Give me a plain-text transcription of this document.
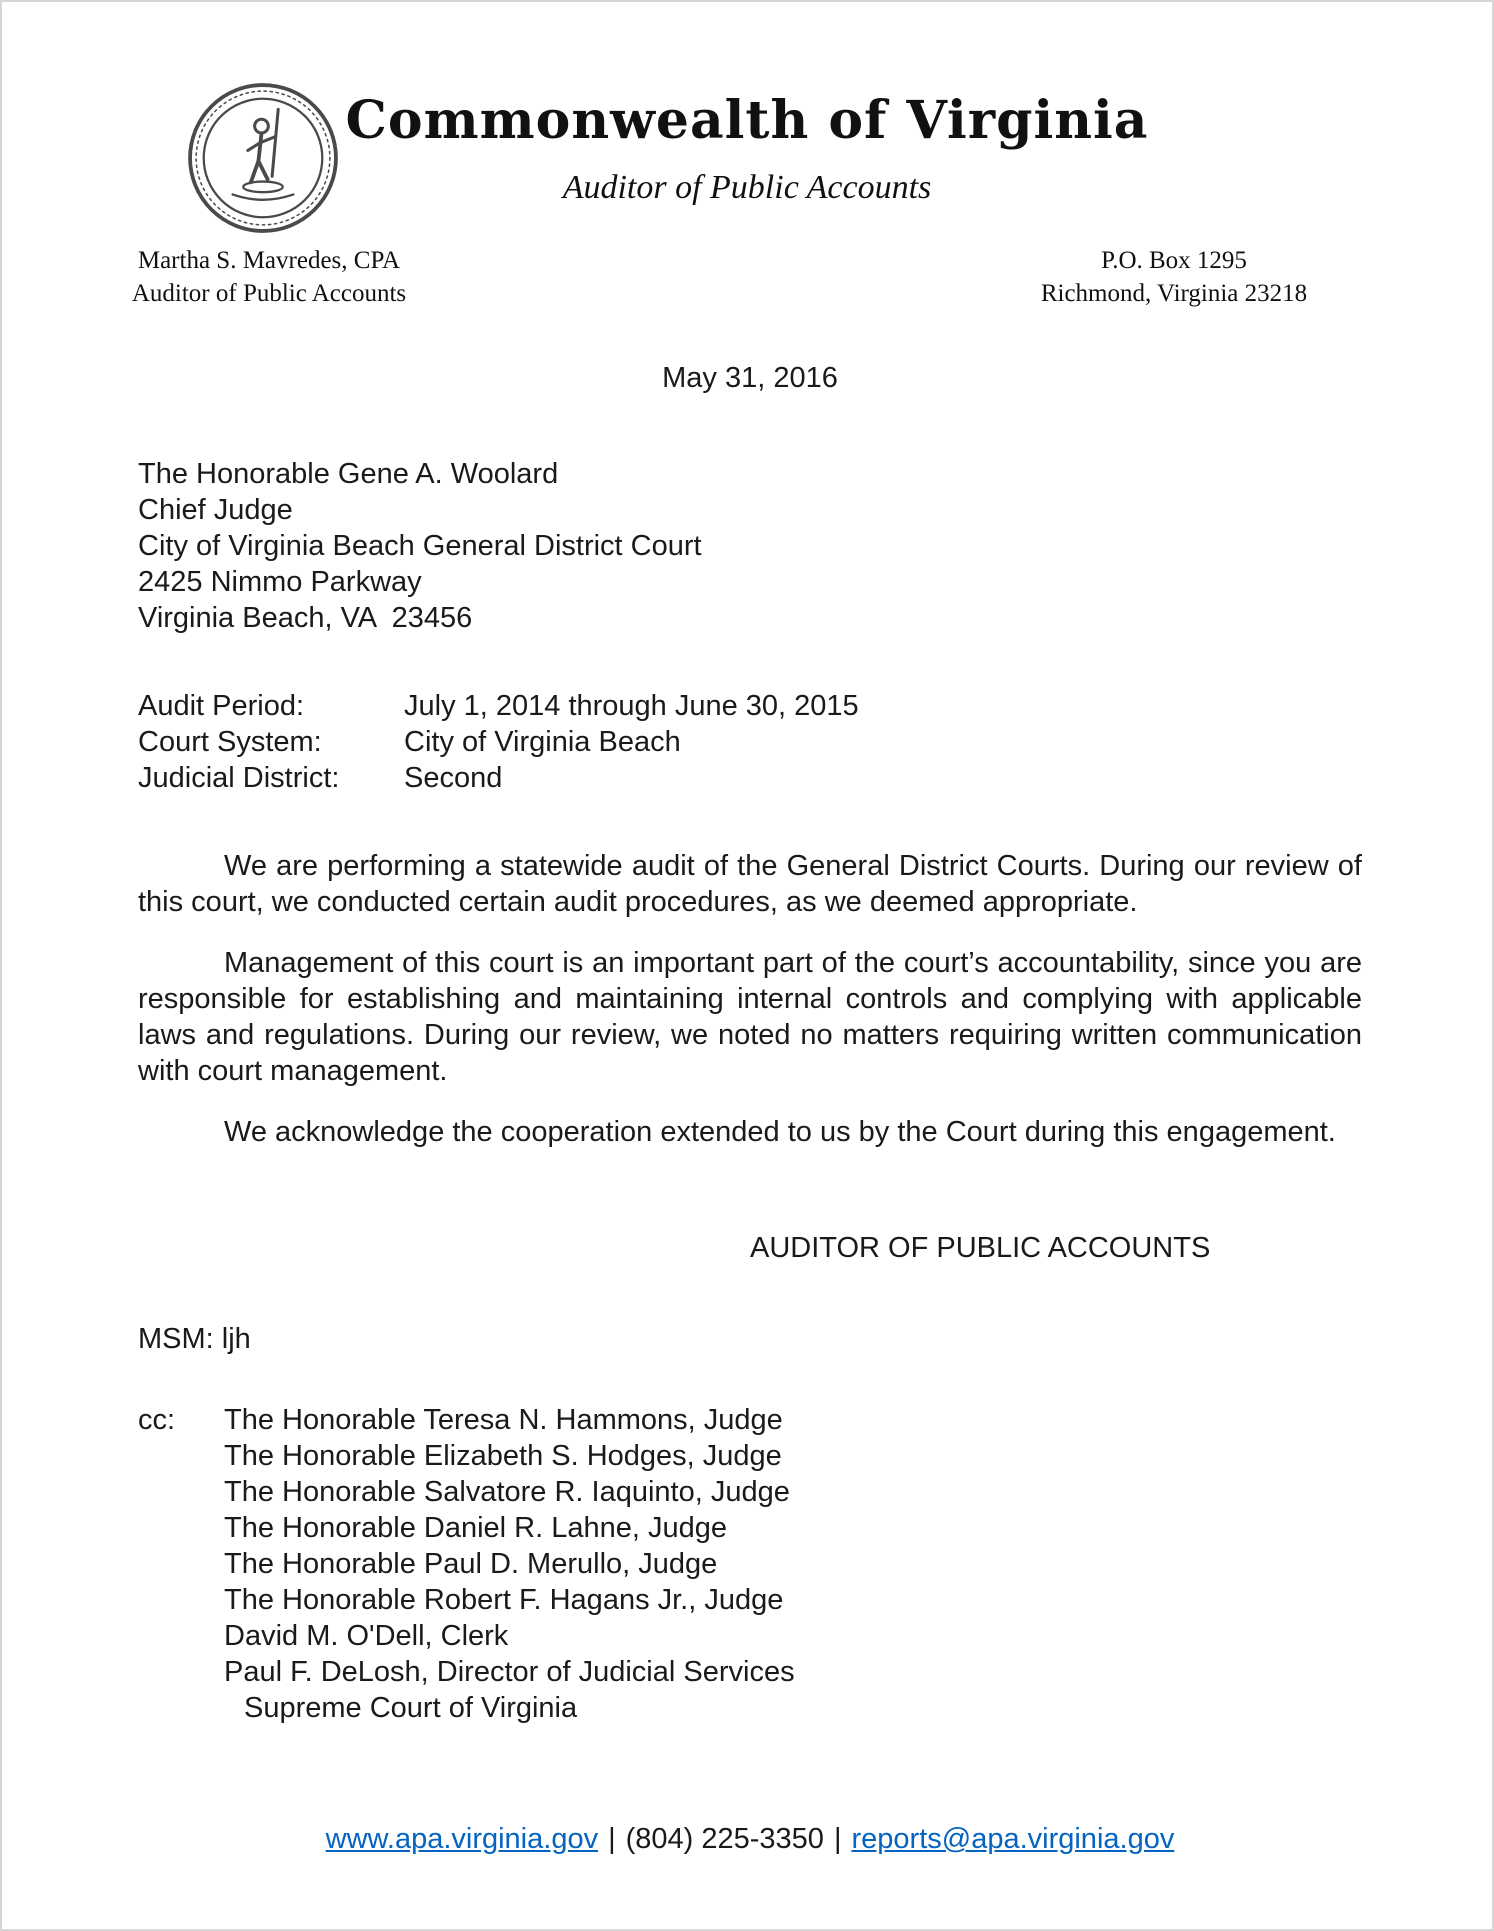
Commonwealth of Virginia
Auditor of Public Accounts
Martha S. Mavredes, CPA
Auditor of Public Accounts
P.O. Box 1295
Richmond, Virginia 23218
May 31, 2016
The Honorable Gene A. Woolard
Chief Judge
City of Virginia Beach General District Court
2425 Nimmo Parkway
Virginia Beach, VA  23456
Audit Period:	July 1, 2014 through June 30, 2015
Court System:	City of Virginia Beach
Judicial District:	Second

We are performing a statewide audit of the General District Courts. During our review of this court, we conducted certain audit procedures, as we deemed appropriate.

Management of this court is an important part of the court’s accountability, since you are responsible for establishing and maintaining internal controls and complying with applicable laws and regulations. During our review, we noted no matters requiring written communication with court management.

We acknowledge the cooperation extended to us by the Court during this engagement.

AUDITOR OF PUBLIC ACCOUNTS
MSM: ljh
cc:	The Honorable Teresa N. Hammons, Judge
The Honorable Elizabeth S. Hodges, Judge
The Honorable Salvatore R. Iaquinto, Judge
The Honorable Daniel R. Lahne, Judge
The Honorable Paul D. Merullo, Judge
The Honorable Robert F. Hagans Jr., Judge
David M. O'Dell, Clerk
Paul F. DeLosh, Director of Judicial Services
Supreme Court of Virginia
www.apa.virginia.gov | (804) 225-3350 | reports@apa.virginia.gov
